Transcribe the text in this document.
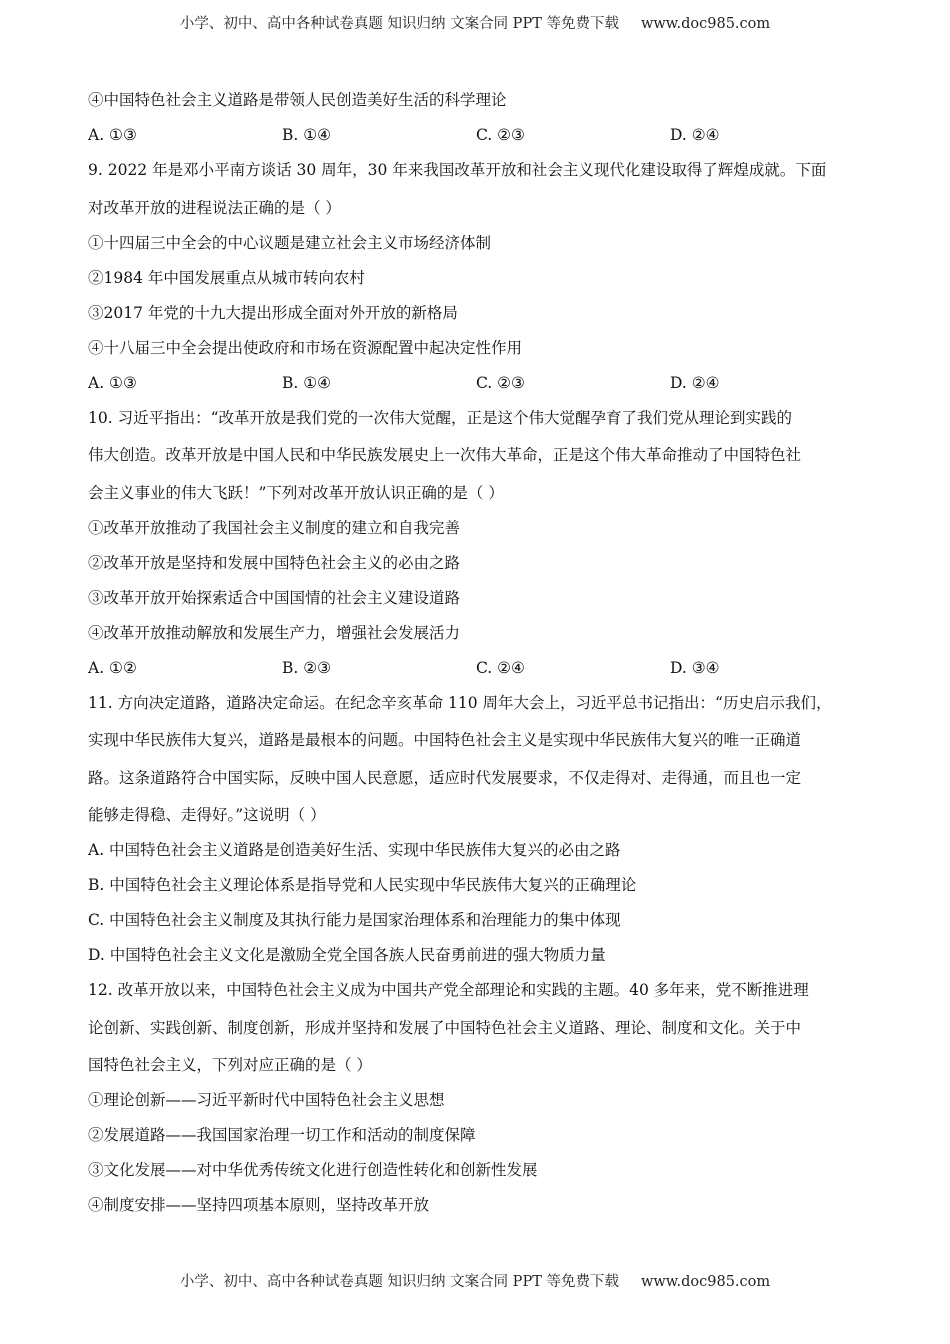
小学、初中、高中各种试卷真题 知识归纳 文案合同 PPT 等免费下载 www.doc985.com
④中国特色社会主义道路是带领人民创造美好生活的科学理论
A. ①③	B. ①④	C. ②③	D. ②④
9. 2022 年是邓小平南方谈话 30 周年，30 年来我国改革开放和社会主义现代化建设取得了辉煌成就。下面
对改革开放的进程说法正确的是（ ）
①十四届三中全会的中心议题是建立社会主义市场经济体制
②1984 年中国发展重点从城市转向农村
③2017 年党的十九大提出形成全面对外开放的新格局
④十八届三中全会提出使政府和市场在资源配置中起决定性作用
A. ①③	B. ①④	C. ②③	D. ②④
10. 习近平指出：“改革开放是我们党的一次伟大觉醒，正是这个伟大觉醒孕育了我们党从理论到实践的
伟大创造。改革开放是中国人民和中华民族发展史上一次伟大革命，正是这个伟大革命推动了中国特色社
会主义事业的伟大飞跃！”下列对改革开放认识正确的是（ ）
①改革开放推动了我国社会主义制度的建立和自我完善
②改革开放是坚持和发展中国特色社会主义的必由之路
③改革开放开始探索适合中国国情的社会主义建设道路
④改革开放推动解放和发展生产力，增强社会发展活力
A. ①②	B. ②③	C. ②④	D. ③④
11. 方向决定道路，道路决定命运。在纪念辛亥革命 110 周年大会上，习近平总书记指出：“历史启示我们，
实现中华民族伟大复兴，道路是最根本的问题。中国特色社会主义是实现中华民族伟大复兴的唯一正确道
路。这条道路符合中国实际，反映中国人民意愿，适应时代发展要求，不仅走得对、走得通，而且也一定
能够走得稳、走得好。”这说明（ ）
A. 中国特色社会主义道路是创造美好生活、实现中华民族伟大复兴的必由之路
B. 中国特色社会主义理论体系是指导党和人民实现中华民族伟大复兴的正确理论
C. 中国特色社会主义制度及其执行能力是国家治理体系和治理能力的集中体现
D. 中国特色社会主义文化是激励全党全国各族人民奋勇前进的强大物质力量
12. 改革开放以来，中国特色社会主义成为中国共产党全部理论和实践的主题。40 多年来，党不断推进理
论创新、实践创新、制度创新，形成并坚持和发展了中国特色社会主义道路、理论、制度和文化。关于中
国特色社会主义，下列对应正确的是（ ）
①理论创新——习近平新时代中国特色社会主义思想
②发展道路——我国国家治理一切工作和活动的制度保障
③文化发展——对中华优秀传统文化进行创造性转化和创新性发展
④制度安排——坚持四项基本原则，坚持改革开放
小学、初中、高中各种试卷真题 知识归纳 文案合同 PPT 等免费下载 www.doc985.com
